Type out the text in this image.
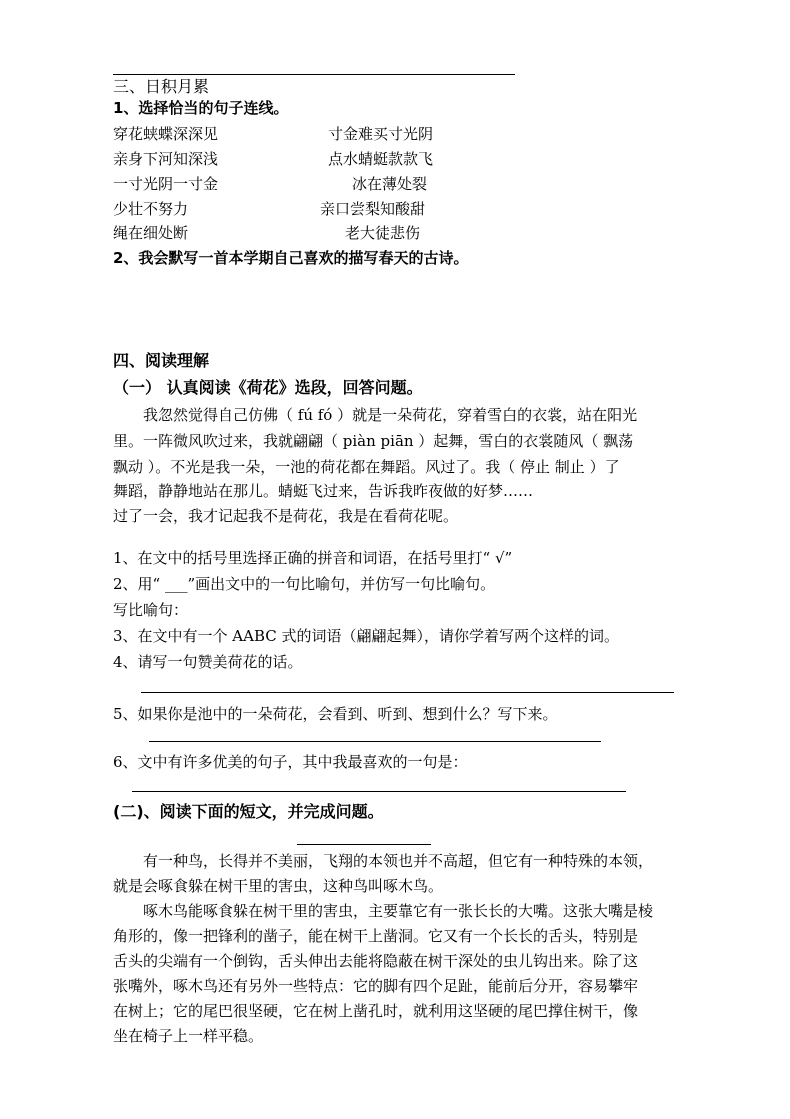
三、日积月累
1、选择恰当的句子连线。
穿花蛱蝶深深见	寸金难买寸光阴
亲身下河知深浅	点水蜻蜓款款飞
一寸光阴一寸金	冰在薄处裂
少壮不努力	亲口尝梨知酸甜
绳在细处断	老大徒悲伤
2、我会默写一首本学期自己喜欢的描写春天的古诗。
四、阅读理解
（一） 认真阅读《荷花》选段，回答问题。
　　我忽然觉得自己仿佛（ fú fó ）就是一朵荷花，穿着雪白的衣裳，站在阳光
里。一阵微风吹过来，我就翩翩（ piàn piān ）起舞，雪白的衣裳随风（ 飘荡
飘动 ）。不光是我一朵，一池的荷花都在舞蹈。风过了。我（ 停止 制止 ）了
舞蹈，静静地站在那儿。蜻蜓飞过来，告诉我昨夜做的好梦……
过了一会，我才记起我不是荷花，我是在看荷花呢。
1、在文中的括号里选择正确的拼音和词语，在括号里打“ √”
2、用“ ___”画出文中的一句比喻句，并仿写一句比喻句。
写比喻句：
3、在文中有一个 AABC 式的词语（翩翩起舞），请你学着写两个这样的词。
4、请写一句赞美荷花的话。
5、如果你是池中的一朵荷花，会看到、听到、想到什么？写下来。
6、文中有许多优美的句子，其中我最喜欢的一句是：
(二)、阅读下面的短文，并完成问题。
　　有一种鸟，长得并不美丽，飞翔的本领也并不高超，但它有一种特殊的本领，
就是会啄食躲在树干里的害虫，这种鸟叫啄木鸟。
　　啄木鸟能啄食躲在树干里的害虫，主要靠它有一张长长的大嘴。这张大嘴是棱
角形的，像一把锋利的凿子，能在树干上凿洞。它又有一个长长的舌头，特别是
舌头的尖端有一个倒钩，舌头伸出去能将隐蔽在树干深处的虫儿钩出来。除了这
张嘴外，啄木鸟还有另外一些特点：它的脚有四个足趾，能前后分开，容易攀牢
在树上；它的尾巴很坚硬，它在树上凿孔时，就利用这坚硬的尾巴撑住树干，像
坐在椅子上一样平稳。
